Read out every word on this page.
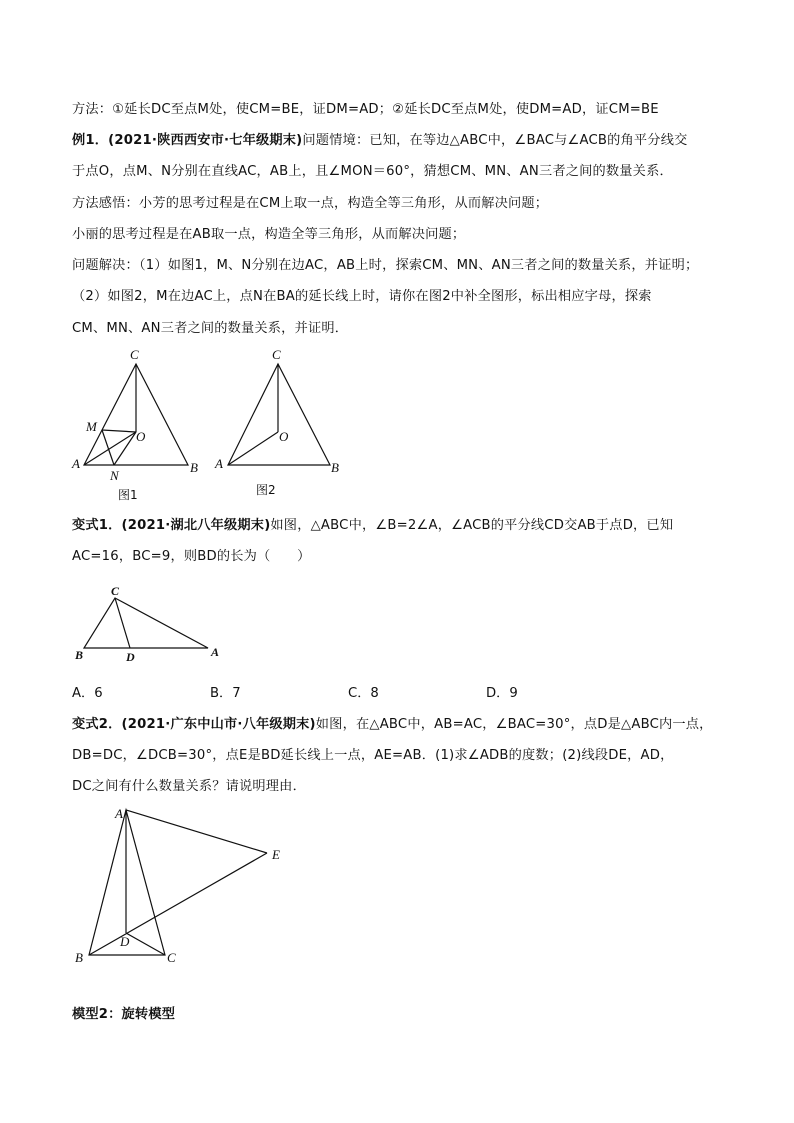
方法：①延长DC至点M处，使CM=BE，证DM=AD；②延长DC至点M处，使DM=AD，证CM=BE
例1．(2021·陕西西安市·七年级期末)问题情境：已知，在等边△ABC中，∠BAC与∠ACB的角平分线交
于点O，点M、N分别在直线AC，AB上，且∠MON＝60°，猜想CM、MN、AN三者之间的数量关系．
方法感悟：小芳的思考过程是在CM上取一点，构造全等三角形，从而解决问题；
小丽的思考过程是在AB取一点，构造全等三角形，从而解决问题；
问题解决：（1）如图1，M、N分别在边AC，AB上时，探索CM、MN、AN三者之间的数量关系，并证明；
（2）如图2，M在边AC上，点N在BA的延长线上时，请你在图2中补全图形，标出相应字母，探索
CM、MN、AN三者之间的数量关系，并证明．
C
M
O
A	B
N
图1
C
O
A	B
图2
变式1．(2021·湖北八年级期末)如图，△ABC中，∠B=2∠A，∠ACB的平分线CD交AB于点D，已知
AC=16，BC=9，则BD的长为（　　）
C
B	D	A
A．6	B．7	C．8	D．9
变式2．(2021·广东中山市·八年级期末)如图，在△ABC中，AB=AC，∠BAC=30°，点D是△ABC内一点，
DB=DC，∠DCB=30°，点E是BD延长线上一点，AE=AB．(1)求∠ADB的度数；(2)线段DE，AD，
DC之间有什么数量关系？请说明理由．
A
E
D
B	C
模型2：旋转模型
